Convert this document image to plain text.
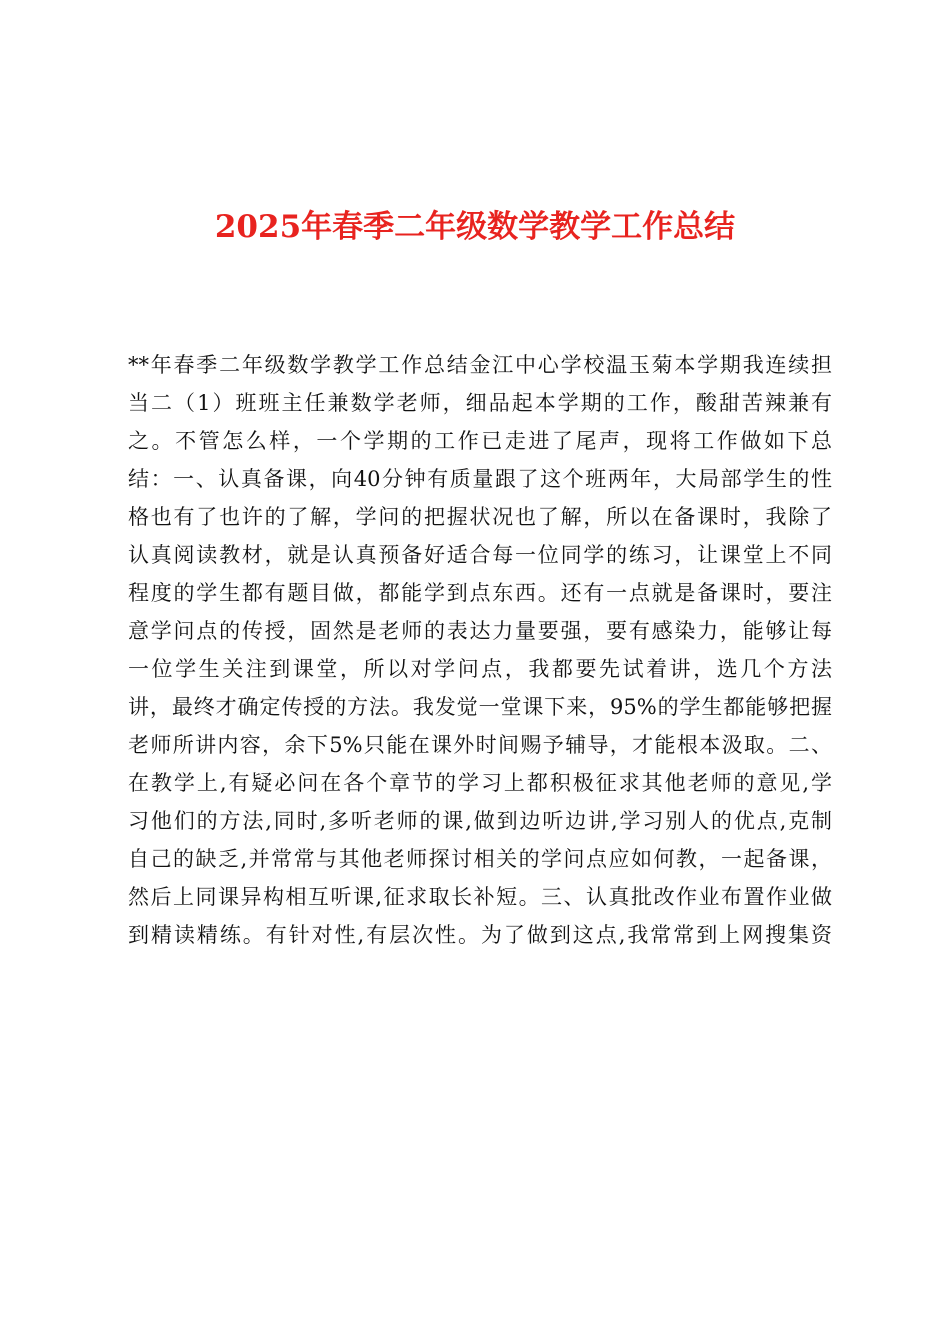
2025年春季二年级数学教学工作总结
**年春季二年级数学教学工作总结金江中心学校温玉菊本学期我连续担
当二（1）班班主任兼数学老师，细品起本学期的工作，酸甜苦辣兼有
之。不管怎么样，一个学期的工作已走进了尾声，现将工作做如下总
结：一、认真备课，向40分钟有质量跟了这个班两年，大局部学生的性
格也有了也许的了解，学问的把握状况也了解，所以在备课时，我除了
认真阅读教材，就是认真预备好适合每一位同学的练习，让课堂上不同
程度的学生都有题目做，都能学到点东西。还有一点就是备课时，要注
意学问点的传授，固然是老师的表达力量要强，要有感染力，能够让每
一位学生关注到课堂，所以对学问点，我都要先试着讲，选几个方法
讲，最终才确定传授的方法。我发觉一堂课下来，95%的学生都能够把握
老师所讲内容，余下5%只能在课外时间赐予辅导，才能根本汲取。二、
在教学上,有疑必问在各个章节的学习上都积极征求其他老师的意见,学
习他们的方法,同时,多听老师的课,做到边听边讲,学习别人的优点,克制
自己的缺乏,并常常与其他老师探讨相关的学问点应如何教，一起备课，
然后上同课异构相互听课,征求取长补短。三、认真批改作业布置作业做
到精读精练。有针对性,有层次性。为了做到这点,我常常到上网搜集资
